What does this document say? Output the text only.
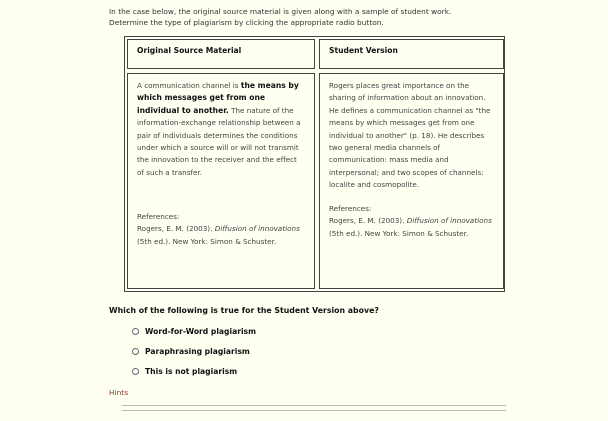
In the case below, the original source material is given along with a sample of student work.
Determine the type of plagiarism by clicking the appropriate radio button.
Original Source Material	Student Version
A communication channel is the means by which messages get from one individual to another. The nature of the information-exchange relationship between a pair of individuals determines the conditions under which a source will or will not transmit the innovation to the receiver and the effect of such a transfer.
References:
Rogers, E. M. (2003). Diffusion of innovations (5th ed.). New York: Simon & Schuster.
Rogers places great importance on the sharing of information about an innovation. He defines a communication channel as "the means by which messages get from one individual to another" (p. 18). He describes two general media channels of communication: mass media and interpersonal; and two scopes of channels: localite and cosmopolite.
References:
Rogers, E. M. (2003). Diffusion of innovations (5th ed.). New York: Simon & Schuster.
Which of the following is true for the Student Version above?
Word-for-Word plagiarism
Paraphrasing plagiarism
This is not plagiarism
Hints
